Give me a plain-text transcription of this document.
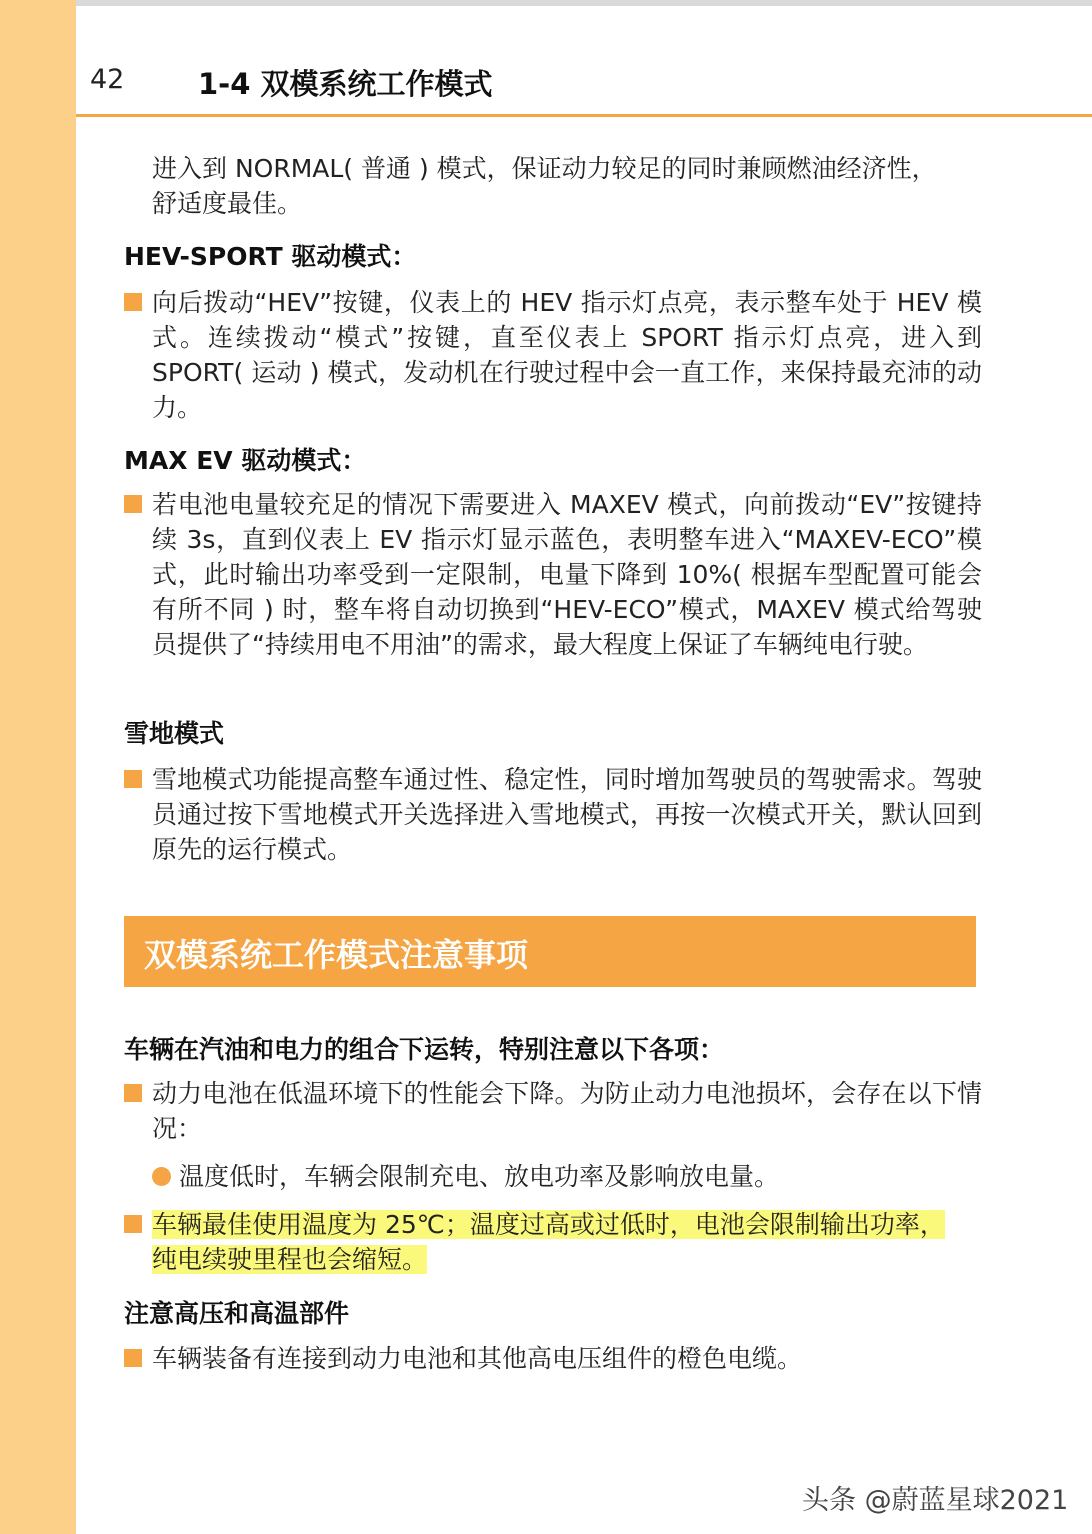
42	1-4 双模系统工作模式
进入到 NORMAL( 普通 ) 模式，保证动力较足的同时兼顾燃油经济性，
舒适度最佳。
HEV-SPORT 驱动模式：
向后拨动“HEV”按键，仪表上的 HEV 指示灯点亮，表示整车处于 HEV 模式。连续拨动“模式”按键，直至仪表上 SPORT 指示灯点亮，进入到 SPORT( 运动 ) 模式，发动机在行驶过程中会一直工作，来保持最充沛的动力。
MAX EV 驱动模式：
若电池电量较充足的情况下需要进入 MAXEV 模式，向前拨动“EV”按键持续 3s，直到仪表上 EV 指示灯显示蓝色，表明整车进入“MAXEV-ECO”模式，此时输出功率受到一定限制，电量下降到 10%( 根据车型配置可能会有所不同 ) 时，整车将自动切换到“HEV-ECO”模式，MAXEV 模式给驾驶员提供了“持续用电不用油”的需求，最大程度上保证了车辆纯电行驶。
雪地模式
雪地模式功能提高整车通过性、稳定性，同时增加驾驶员的驾驶需求。驾驶员通过按下雪地模式开关选择进入雪地模式，再按一次模式开关，默认回到原先的运行模式。
双模系统工作模式注意事项
车辆在汽油和电力的组合下运转，特别注意以下各项：
动力电池在低温环境下的性能会下降。为防止动力电池损坏，会存在以下情况：
温度低时，车辆会限制充电、放电功率及影响放电量。
车辆最佳使用温度为 25℃；温度过高或过低时，电池会限制输出功率，
纯电续驶里程也会缩短。
注意高压和高温部件
车辆装备有连接到动力电池和其他高电压组件的橙色电缆。
头条 @蔚蓝星球2021
